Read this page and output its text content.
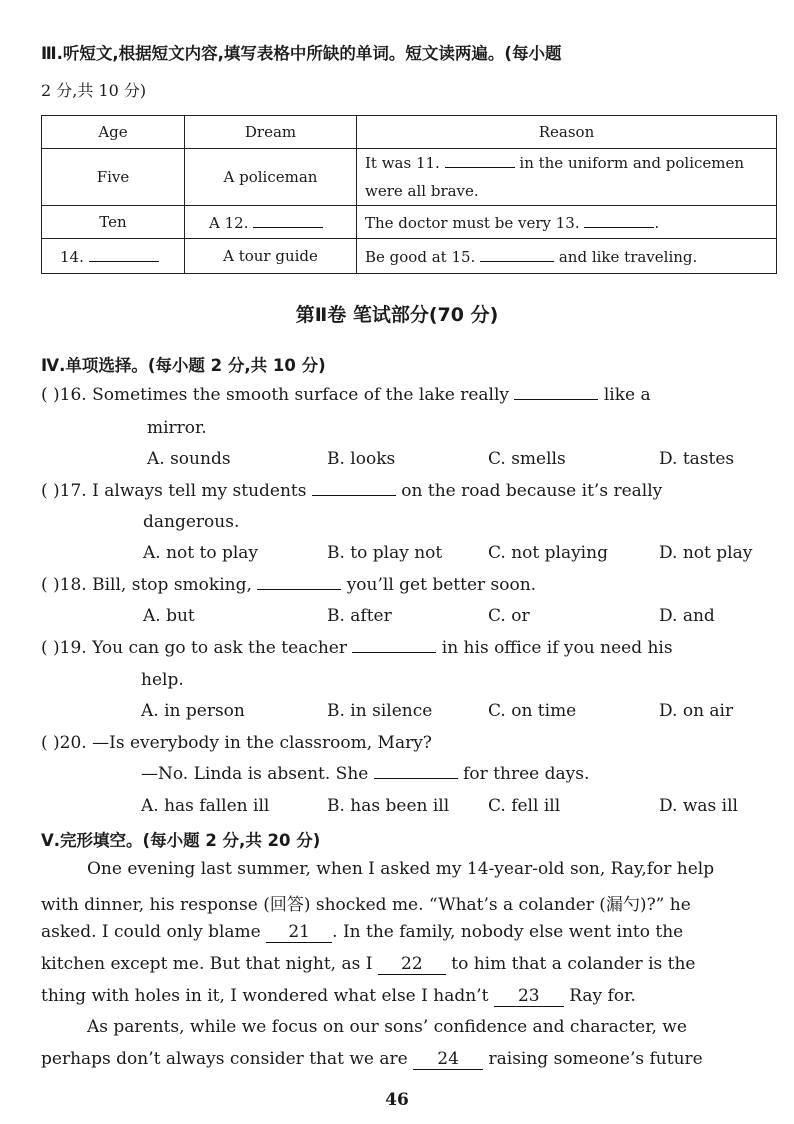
Ⅲ.听短文,根据短文内容,填写表格中所缺的单词。短文读两遍。(每小题
2 分,共 10 分)
Age	Dream	Reason
Five	A policeman	It was 11. in the uniform and policemen
were all brave.
Ten	A 12.	The doctor must be very 13. .
14.	A tour guide	Be good at 15. and like traveling.
第Ⅱ卷 笔试部分(70 分)
Ⅳ.单项选择。(每小题 2 分,共 10 分)
( )16. Sometimes the smooth surface of the lake really	like a
mirror.
A. sounds	B. looks	C. smells	D. tastes
( )17. I always tell my students	on the road because it’s really
dangerous.
A. not to play	B. to play not	C. not playing	D. not play
( )18. Bill, stop smoking,	you’ll get better soon.
A. but	B. after	C. or	D. and
( )19. You can go to ask the teacher	in his office if you need his
help.
A. in person	B. in silence	C. on time	D. on air
( )20. —Is everybody in the classroom, Mary?
—No. Linda is absent. She	for three days.
A. has fallen ill	B. has been ill C. fell ill	D. was ill
Ⅴ.完形填空。(每小题 2 分,共 20 分)
One evening last summer, when I asked my 14-year-old son, Ray,for help
with dinner, his response (回答) shocked me. “What’s a colander (漏勺)?” he
asked. I could only blame 21 . In the family, nobody else went into the
kitchen except me. But that night, as I 22 to him that a colander is the
thing with holes in it, I wondered what else I hadn’t 23 Ray for.
As parents, while we focus on our sons’ confidence and character, we
perhaps don’t always consider that we are 24 raising someone’s future
46
